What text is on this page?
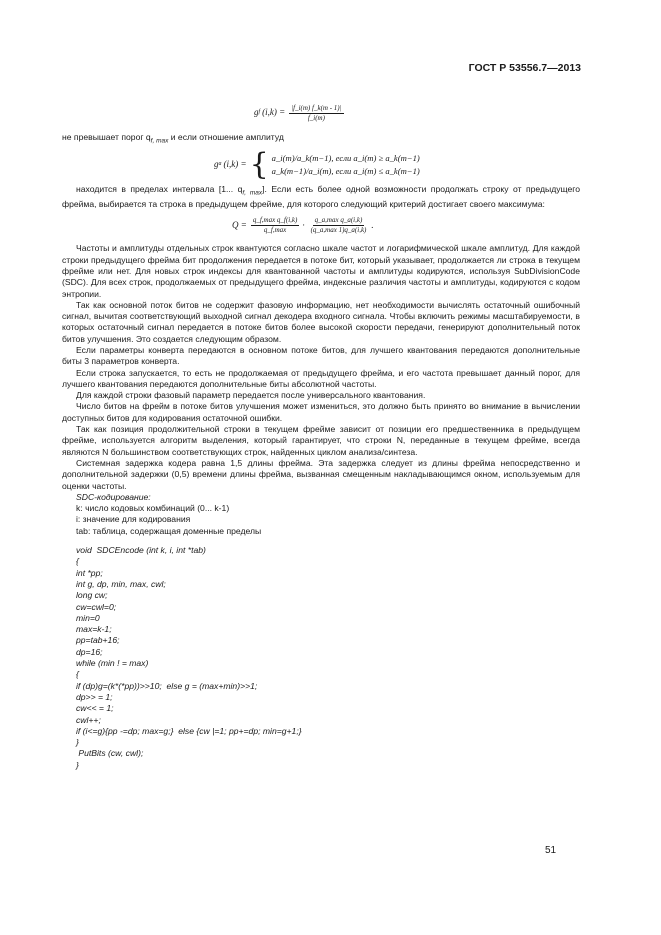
ГОСТ Р 53556.7—2013
g f $(i,k) = \frac{|f\_i(m) f\_k(m - 1)|}{f\_i(m)}$

не превышает порог $q_{f, max}$ и если отношение амплитуд

g a (i,k) = { a_i(m)/a_k(m−1), если a_i(m) ≥ a_k(m−1)
a_k(m−1)/a_i(m), если a_i(m) ≤ a_k(m−1)

находится в пределах интервала [1... $q_{f, max}$]. Если есть более одной возможности продолжать строку от предыдущего фрейма, выбирается та строка в предыдущем фрейме, для которого следующий критерий достигает своего максимума:

$Q = \frac{\text{q\_f,max q\_f(i,k)}}{q\_f,\max} \cdot \frac{\text{q\_a,max q\_a(i,k)}}{(q\_a,\max 1)q\_a(i,k)}$ .

Частоты и амплитуды отдельных строк квантуются согласно шкале частот и логарифмической шкале амплитуд. Для каждой строки предыдущего фрейма бит продолжения передается в потоке бит, который указывает, продолжается ли строка в текущем фрейме или нет. Для новых строк индексы для квантованной частоты и амплитуды кодируются, используя SubDivisionCode (SDC). Для всех строк, продолжаемых от предыдущего фрейма, индексные различия частоты и амплитуды, кодируются с кодом энтропии.

Так как основной поток битов не содержит фазовую информацию, нет необходимости вычислять остаточный ошибочный сигнал, вычитая соответствующий выходной сигнал декодера входного сигнала. Чтобы включить режимы масштабируемости, в которых остаточный сигнал передается в потоке битов более высокой скорости передачи, генерируют дополнительный поток битов улучшения. Это создается следующим образом.

Если параметры конверта передаются в основном потоке битов, для лучшего квантования передаются дополнительные биты 3 параметров конверта.

Если строка запускается, то есть не продолжаемая от предыдущего фрейма, и его частота превышает данный порог, для лучшего квантования передаются дополнительные биты абсолютной частоты.

Для каждой строки фазовый параметр передается после универсального квантования.

Число битов на фрейм в потоке битов улучшения может измениться, это должно быть принято во внимание в вычислении доступных битов для кодирования остаточной ошибки.

Так как позиция продолжительной строки в текущем фрейме зависит от позиции его предшественника в предыдущем фрейме, используется алгоритм выделения, который гарантирует, что строки N, переданные в текущем фрейме, всегда являются N большинством соответствующих строк, найденных циклом анализа/синтеза.

Системная задержка кодера равна 1,5 длины фрейма. Эта задержка следует из длины фрейма непосредственно и дополнительной задержки (0,5) времени длины фрейма, вызванная смещенным накладывающимся окном, используемым для оценки частоты.

SDC-кодирование:
k: число кодовых комбинаций (0... k-1)
i: значение для кодирования
tab: таблица, содержащая доменные пределы
void  SDCEncode (int k, i, int *tab)
{
int *pp;
int g, dp, min, max, cwl;
long cw;
cw=cwl=0;
min=0
max=k-1;
pp=tab+16;
dp=16;
while (min ! = max)
{
if (dp)g=(k*(*pp))>>10;  else g = (max+min)>>1;
dp>> = 1;
cw<< = 1;
cwl++;
if (i<=g){pp -=dp; max=g;}  else {cw |=1; pp+=dp; min=g+1;}
}
PutBits (cw, cwl);
}
51
